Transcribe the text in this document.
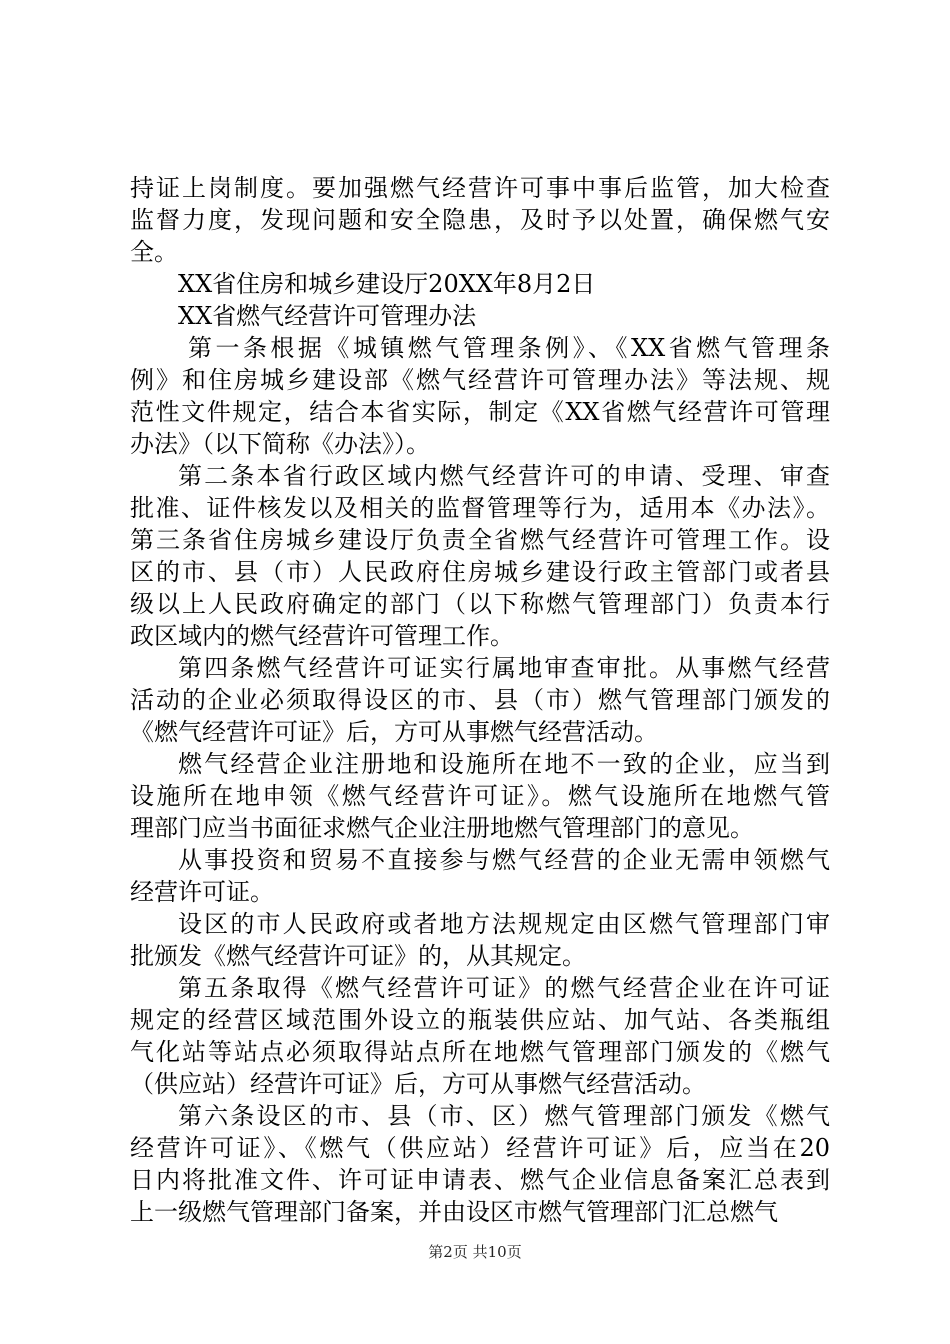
持证上岗制度。要加强燃气经营许可事中事后监管，加大检查
监督力度，发现问题和安全隐患，及时予以处置，确保燃气安
全。

XX省住房和城乡建设厅20XX年8月2日

XX省燃气经营许可管理办法

第一条根据《城镇燃气管理条例》、《XX省燃气管理条
例》和住房城乡建设部《燃气经营许可管理办法》等法规、规
范性文件规定，结合本省实际，制定《XX省燃气经营许可管理
办法》（以下简称《办法》）。

第二条本省行政区域内燃气经营许可的申请、受理、审查
批准、证件核发以及相关的监督管理等行为，适用本《办法》。
第三条省住房城乡建设厅负责全省燃气经营许可管理工作。设
区的市、县（市）人民政府住房城乡建设行政主管部门或者县
级以上人民政府确定的部门（以下称燃气管理部门）负责本行
政区域内的燃气经营许可管理工作。

第四条燃气经营许可证实行属地审查审批。从事燃气经营
活动的企业必须取得设区的市、县（市）燃气管理部门颁发的
《燃气经营许可证》后，方可从事燃气经营活动。

燃气经营企业注册地和设施所在地不一致的企业，应当到
设施所在地申领《燃气经营许可证》。燃气设施所在地燃气管
理部门应当书面征求燃气企业注册地燃气管理部门的意见。

从事投资和贸易不直接参与燃气经营的企业无需申领燃气
经营许可证。

设区的市人民政府或者地方法规规定由区燃气管理部门审
批颁发《燃气经营许可证》的，从其规定。

第五条取得《燃气经营许可证》的燃气经营企业在许可证
规定的经营区域范围外设立的瓶装供应站、加气站、各类瓶组
气化站等站点必须取得站点所在地燃气管理部门颁发的《燃气
（供应站）经营许可证》后，方可从事燃气经营活动。

第六条设区的市、县（市、区）燃气管理部门颁发《燃气
经营许可证》、《燃气（供应站）经营许可证》后，应当在20
日内将批准文件、许可证申请表、燃气企业信息备案汇总表到
上一级燃气管理部门备案，并由设区市燃气管理部门汇总燃气

第2页 共10页
